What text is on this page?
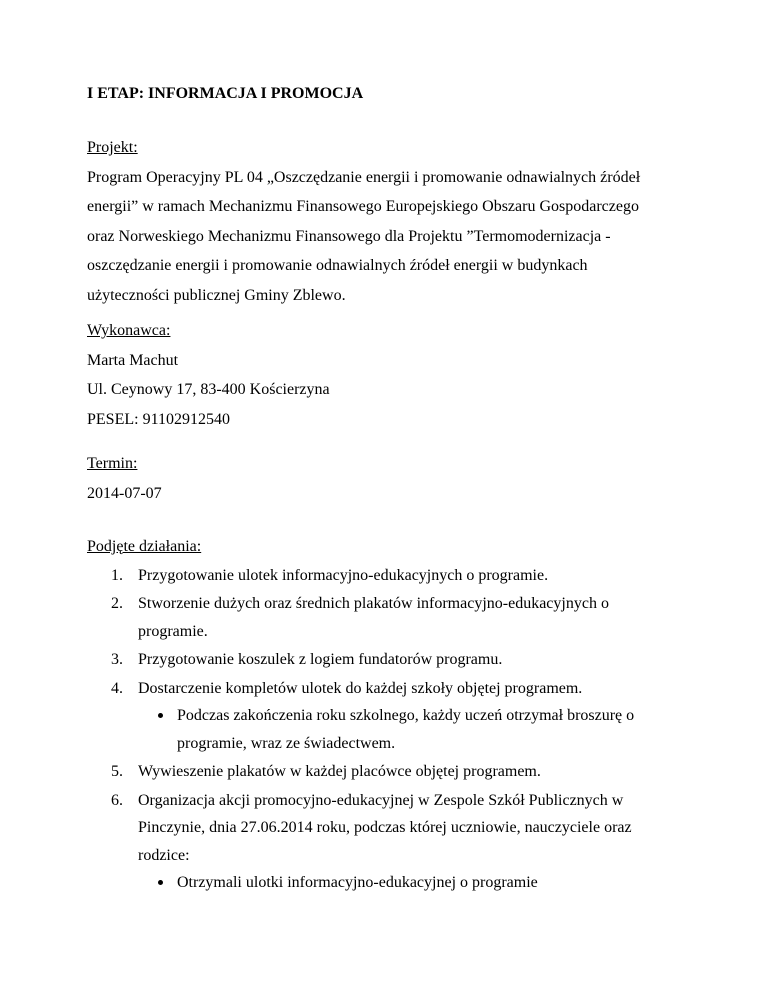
I ETAP: INFORMACJA I PROMOCJA
Projekt:
Program Operacyjny PL 04 „Oszczędzanie energii i promowanie odnawialnych źródeł
energii” w ramach Mechanizmu Finansowego Europejskiego Obszaru Gospodarczego
oraz Norweskiego Mechanizmu Finansowego dla Projektu ”Termomodernizacja -
oszczędzanie energii i promowanie odnawialnych źródeł energii w budynkach
użyteczności publicznej Gminy Zblewo.
Wykonawca:
Marta Machut
Ul. Ceynowy 17, 83-400 Kościerzyna
PESEL: 91102912540
Termin:
2014-07-07
Podjęte działania:
1. Przygotowanie ulotek informacyjno-edukacyjnych o programie.
2. Stworzenie dużych oraz średnich plakatów informacyjno-edukacyjnych o
programie.
3. Przygotowanie koszulek z logiem fundatorów programu.
4. Dostarczenie kompletów ulotek do każdej szkoły objętej programem.
Podczas zakończenia roku szkolnego, każdy uczeń otrzymał broszurę o
programie, wraz ze świadectwem.
5. Wywieszenie plakatów w każdej placówce objętej programem.
6. Organizacja akcji promocyjno-edukacyjnej w Zespole Szkół Publicznych w
Pinczynie, dnia 27.06.2014 roku, podczas której uczniowie, nauczyciele oraz
rodzice:
Otrzymali ulotki informacyjno-edukacyjnej o programie
